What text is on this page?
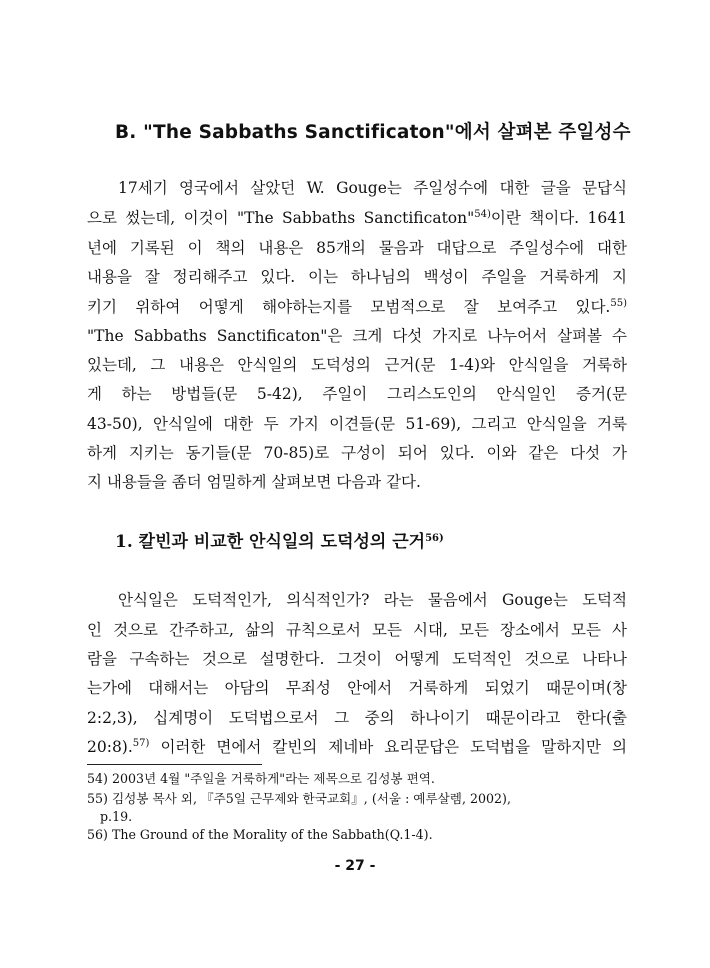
B. "The Sabbaths Sanctificaton"에서 살펴본 주일성수
17세기 영국에서 살았던 W. Gouge는 주일성수에 대한 글을 문답식
으로 썼는데, 이것이 "The Sabbaths Sanctificaton"$^{54)}$이란 책이다. 1641
년에 기록된 이 책의 내용은 85개의 물음과 대답으로 주일성수에 대한
내용을 잘 정리해주고 있다. 이는 하나님의 백성이 주일을 거룩하게 지
키기 위하여 어떻게 해야하는지를 모범적으로 잘 보여주고 있다.$^{55)}$
"The Sabbaths Sanctificaton"은 크게 다섯 가지로 나누어서 살펴볼 수
있는데, 그 내용은 안식일의 도덕성의 근거(문 1-4)와 안식일을 거룩하
게 하는 방법들(문 5-42), 주일이 그리스도인의 안식일인 증거(문
43-50), 안식일에 대한 두 가지 이견들(문 51-69), 그리고 안식일을 거룩
하게 지키는 동기들(문 70-85)로 구성이 되어 있다. 이와 같은 다섯 가
지 내용들을 좀더 엄밀하게 살펴보면 다음과 같다.
1. 칼빈과 비교한 안식일의 도덕성의 근거$^{56)}$
안식일은 도덕적인가, 의식적인가? 라는 물음에서 Gouge는 도덕적
인 것으로 간주하고, 삶의 규칙으로서 모든 시대, 모든 장소에서 모든 사
람을 구속하는 것으로 설명한다. 그것이 어떻게 도덕적인 것으로 나타나
는가에 대해서는 아담의 무죄성 안에서 거룩하게 되었기 때문이며(창
2:2,3), 십계명이 도덕법으로서 그 중의 하나이기 때문이라고 한다(출
20:8).$^{57)}$ 이러한 면에서 칼빈의 제네바 요리문답은 도덕법을 말하지만 의
54) 2003년 4월 "주일을 거룩하게"라는 제목으로 김성봉 편역.
55) 김성봉 목사 외, 『주5일 근무제와 한국교회』, (서울 : 예루살렘, 2002),
p.19.
56) The Ground of the Morality of the Sabbath(Q.1-4).
- 27 -
